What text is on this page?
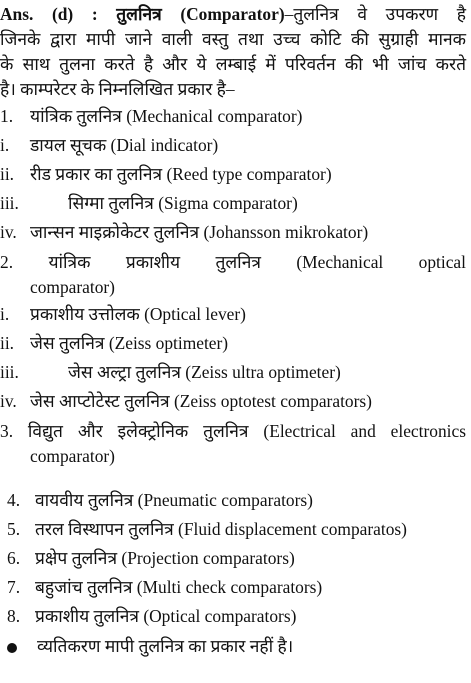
Ans. (d) : तुलनित्र (Comparator)–तुलनित्र वे उपकरण है
जिनके द्वारा मापी जाने वाली वस्तु तथा उच्च कोटि की सुग्राही मानक
के साथ तुलना करते है और ये लम्बाई में परिवर्तन की भी जांच करते
है। काम्परेटर के निम्नलिखित प्रकार है–
1. यांत्रिक तुलनित्र (Mechanical comparator)
i. डायल सूचक (Dial indicator)
ii. रीड प्रकार का तुलनित्र (Reed type comparator)
iii.	सिग्मा तुलनित्र (Sigma comparator)
iv. जान्सन माइक्रोकेटर तुलनित्र (Johansson mikrokator)
2. यांत्रिक प्रकाशीय तुलनित्र (Mechanical optical
comparator)
i. प्रकाशीय उत्तोलक (Optical lever)
ii. जेस तुलनित्र (Zeiss optimeter)
iii.	जेस अल्ट्रा तुलनित्र (Zeiss ultra optimeter)
iv. जेस आप्टोटेस्ट तुलनित्र (Zeiss optotest comparators)
3. विद्युत और इलेक्ट्रोनिक तुलनित्र (Electrical and electronics
comparator)
4. वायवीय तुलनित्र (Pneumatic comparators)
5. तरल विस्थापन तुलनित्र (Fluid displacement comparatos)
6. प्रक्षेप तुलनित्र (Projection comparators)
7. बहुजांच तुलनित्र (Multi check comparators)
8. प्रकाशीय तुलनित्र (Optical comparators)
व्यतिकरण मापी तुलनित्र का प्रकार नहीं है।
